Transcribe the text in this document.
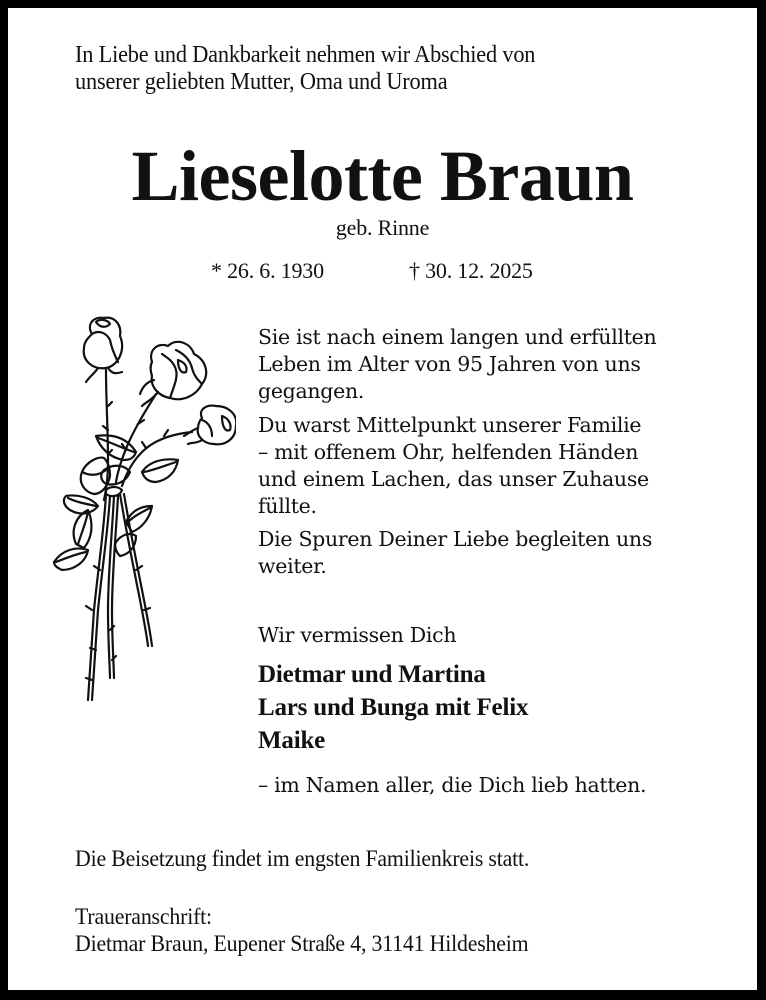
In Liebe und Dankbarkeit nehmen wir Abschied von
unserer geliebten Mutter, Oma und Uroma
Lieselotte Braun
geb. Rinne
* 26. 6. 1930	† 30. 12. 2025
Sie ist nach einem langen und erfüllten
Leben im Alter von 95 Jahren von uns
gegangen.
Du warst Mittelpunkt unserer Familie
– mit offenem Ohr, helfenden Händen
und einem Lachen, das unser Zuhause
füllte.
Die Spuren Deiner Liebe begleiten uns
weiter.
Wir vermissen Dich
Dietmar und Martina
Lars und Bunga mit Felix
Maike
– im Namen aller, die Dich lieb hatten.
Die Beisetzung findet im engsten Familienkreis statt.
Traueranschrift:
Dietmar Braun, Eupener Straße 4, 31141 Hildesheim
